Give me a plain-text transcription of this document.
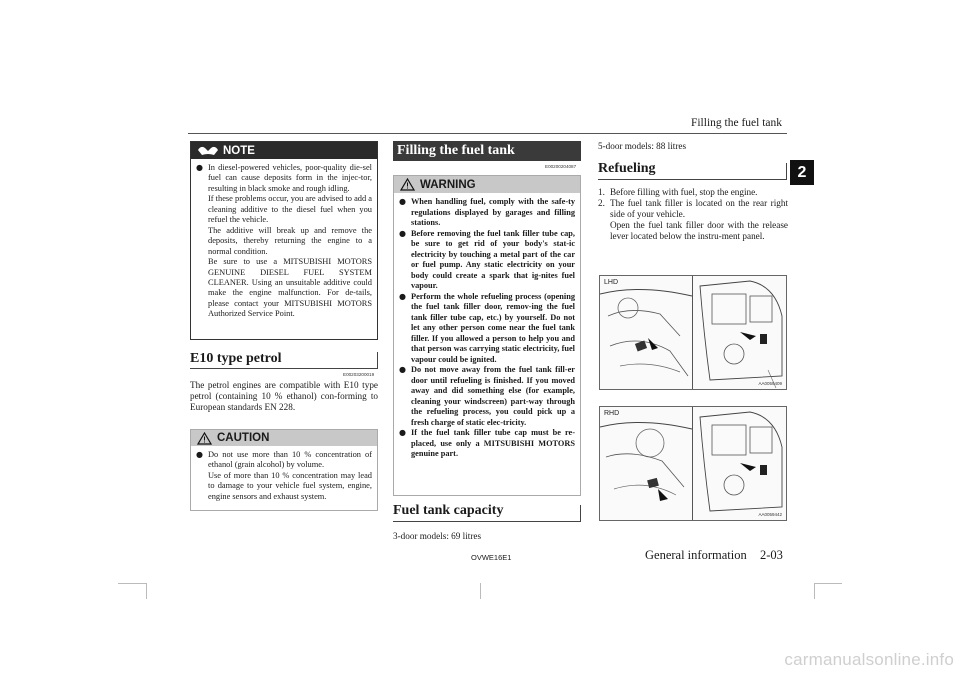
Filling the fuel tank
2
NOTE
● In diesel-powered vehicles, poor-quality die-sel fuel can cause deposits form in the injec-tor, resulting in black smoke and rough idling.
If these problems occur, you are advised to add a cleaning additive to the diesel fuel when you refuel the vehicle.
The additive will break up and remove the deposits, thereby returning the engine to a normal condition.
Be sure to use a MITSUBISHI MOTORS GENUINE DIESEL FUEL SYSTEM CLEANER. Using an unsuitable additive could make the engine malfunction. For de-tails, please contact your MITSUBISHI MOTORS Authorized Service Point.
E10 type petrol
E00203200019
The petrol engines are compatible with E10 type petrol (containing 10 % ethanol) con-forming to European standards EN 228.
CAUTION
● Do not use more than 10 % concentration of ethanol (grain alcohol) by volume.
Use of more than 10 % concentration may lead to damage to your vehicle fuel system, engine, engine sensors and exhaust system.
Filling the fuel tank
E00200204087
WARNING
● When handling fuel, comply with the safe-ty regulations displayed by garages and filling stations.
● Before removing the fuel tank filler tube cap, be sure to get rid of your body's stat-ic electricity by touching a metal part of the car or fuel pump. Any static electricity on your body could create a spark that ig-nites fuel vapour.
● Perform the whole refueling process (opening the fuel tank filler door, remov-ing the fuel tank filler tube cap, etc.) by yourself. Do not let any other person come near the fuel tank filler. If you allowed a person to help you and that person was carrying static electricity, fuel vapour could be ignited.
● Do not move away from the fuel tank fill-er door until refueling is finished. If you moved away and did something else (for example, cleaning your windscreen) part-way through the refueling process, you could pick up a fresh charge of static elec-tricity.
● If the fuel tank filler tube cap must be re-placed, use only a MITSUBISHI MOTORS genuine part.
Fuel tank capacity
3-door models: 69 litres
5-door models: 88 litres
Refueling
1. Before filling with fuel, stop the engine.
2. The fuel tank filler is located on the rear right side of your vehicle.
Open the fuel tank filler door with the release lever located below the instru-ment panel.
LHD
AA0059409
RHD
AA0059442
OVWE16E1	General information 2-03
carmanualsonline.info
